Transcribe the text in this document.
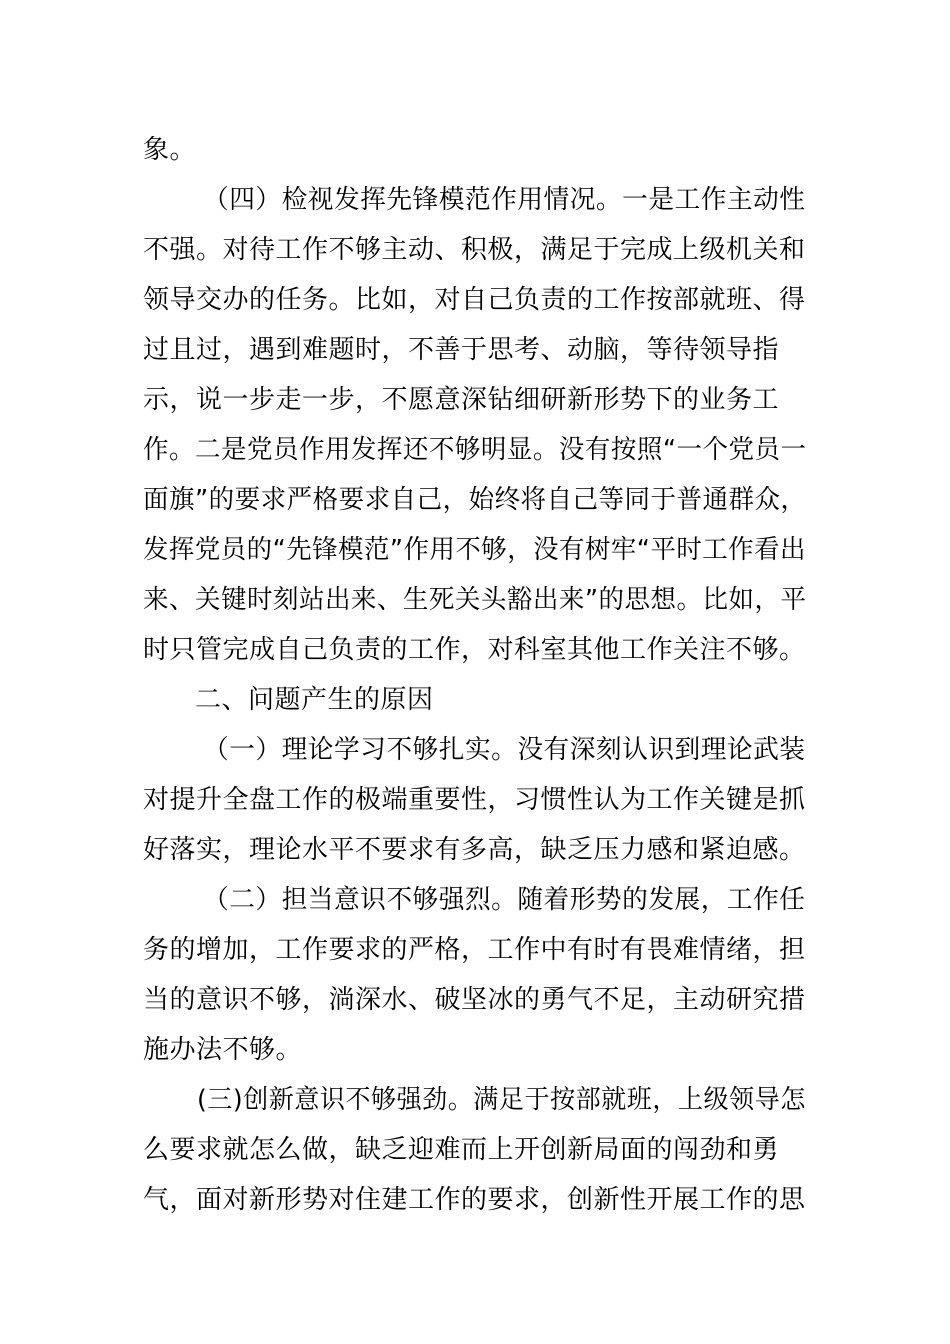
象。
（四）检视发挥先锋模范作用情况。一是工作主动性
不强。对待工作不够主动、积极，满足于完成上级机关和
领导交办的任务。比如，对自己负责的工作按部就班、得
过且过，遇到难题时，不善于思考、动脑，等待领导指
示，说一步走一步，不愿意深钻细研新形势下的业务工
作。二是党员作用发挥还不够明显。没有按照“一个党员一
面旗”的要求严格要求自己，始终将自己等同于普通群众，
发挥党员的“先锋模范”作用不够，没有树牢“平时工作看出
来、关键时刻站出来、生死关头豁出来”的思想。比如，平
时只管完成自己负责的工作，对科室其他工作关注不够。
二、问题产生的原因
（一）理论学习不够扎实。没有深刻认识到理论武装
对提升全盘工作的极端重要性，习惯性认为工作关键是抓
好落实，理论水平不要求有多高，缺乏压力感和紧迫感。
（二）担当意识不够强烈。随着形势的发展，工作任
务的增加，工作要求的严格，工作中有时有畏难情绪，担
当的意识不够，淌深水、破坚冰的勇气不足，主动研究措
施办法不够。
(三)创新意识不够强劲。满足于按部就班，上级领导怎
么要求就怎么做，缺乏迎难而上开创新局面的闯劲和勇
气，面对新形势对住建工作的要求，创新性开展工作的思
